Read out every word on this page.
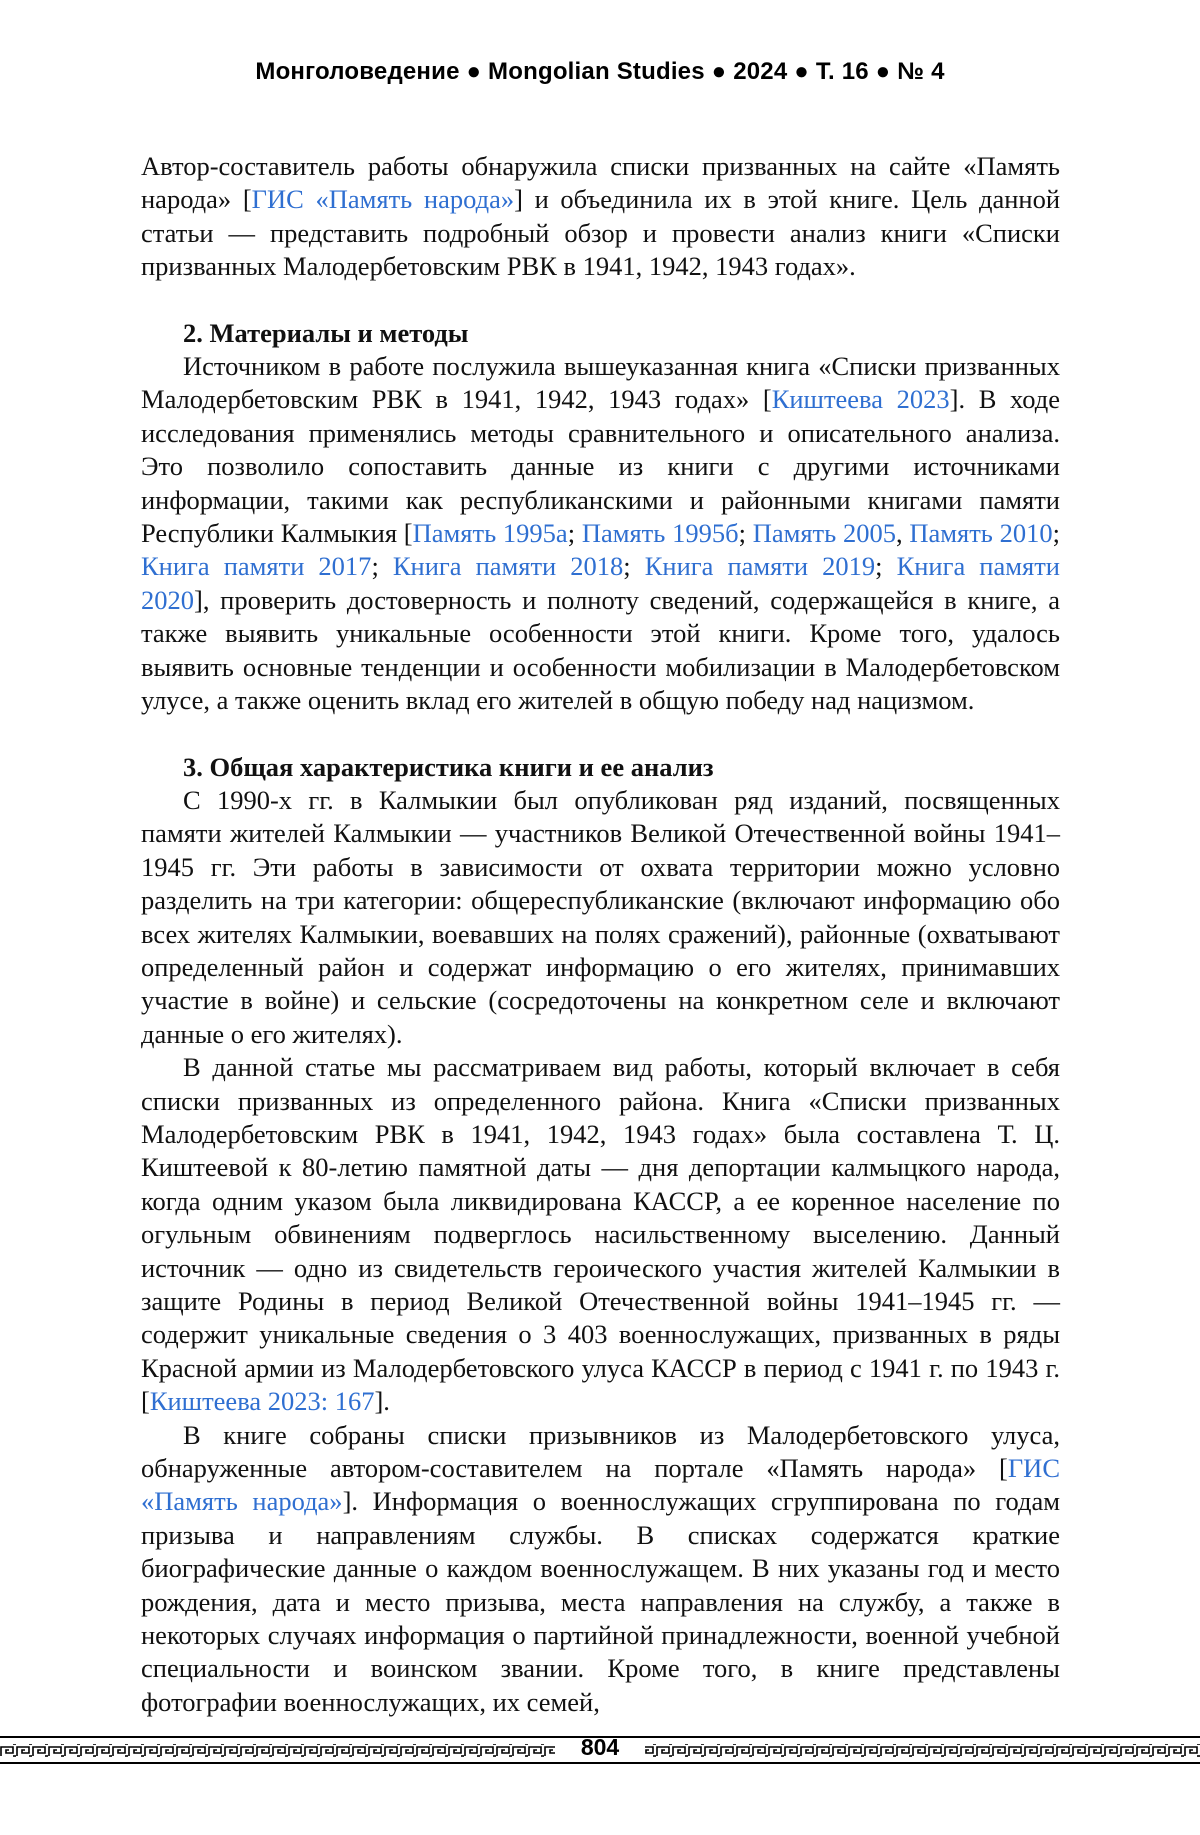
Монголоведение ● Mongolian Studies ● 2024 ● Т. 16 ● № 4

Автор-составитель работы обнаружила списки призванных на сайте «Память народа» [ГИС «Память народа»] и объединила их в этой книге. Цель данной статьи — представить подробный обзор и провести анализ книги «Списки призванных Малодербетовским РВК в 1941, 1942, 1943 годах».

2. Материалы и методы

Источником в работе послужила вышеуказанная книга «Списки призванных Малодербетовским РВК в 1941, 1942, 1943 годах» [Киштеева 2023]. В ходе исследования применялись методы сравнительного и описательного анализа. Это позволило сопоставить данные из книги с другими источниками информации, такими как республиканскими и районными книгами памяти Республики Калмыкия [Память 1995а; Память 1995б; Память 2005, Память 2010; Книга памяти 2017; Книга памяти 2018; Книга памяти 2019; Книга памяти 2020], проверить достоверность и полноту сведений, содержащейся в книге, а также выявить уникальные особенности этой книги. Кроме того, удалось выявить основные тенденции и особенности мобилизации в Малодербетовском улусе, а также оценить вклад его жителей в общую победу над нацизмом.

3. Общая характеристика книги и ее анализ

С 1990-х гг. в Калмыкии был опубликован ряд изданий, посвященных памяти жителей Калмыкии — участников Великой Отечественной войны 1941–1945 гг. Эти работы в зависимости от охвата территории можно условно разделить на три категории: общереспубликанские (включают информацию обо всех жителях Калмыкии, воевавших на полях сражений), районные (охватывают определенный район и содержат информацию о его жителях, принимавших участие в войне) и сельские (сосредоточены на конкретном селе и включают данные о его жителях).

В данной статье мы рассматриваем вид работы, который включает в себя списки призванных из определенного района. Книга «Списки призванных Малодербетовским РВК в 1941, 1942, 1943 годах» была составлена Т. Ц. Киштеевой к 80-летию памятной даты — дня депортации калмыцкого народа, когда одним указом была ликвидирована КАССР, а ее коренное население по огульным обвинениям подверглось насильственному выселению. Данный источник — одно из свидетельств героического участия жителей Калмыкии в защите Родины в период Великой Отечественной войны 1941–1945 гг. — содержит уникальные сведения о 3 403 военнослужащих, призванных в ряды Красной армии из Малодербетовского улуса КАССР в период с 1941 г. по 1943 г. [Киштеева 2023: 167].

В книге собраны списки призывников из Малодербетовского улуса, обнаруженные автором-составителем на портале «Память народа» [ГИС «Память народа»]. Информация о военнослужащих сгруппирована по годам призыва и направлениям службы. В списках содержатся краткие биографические данные о каждом военнослужащем. В них указаны год и место рождения, дата и место призыва, места направления на службу, а также в некоторых случаях информация о партийной принадлежности, военной учебной специальности и воинском звании. Кроме того, в книге представлены фотографии военнослужащих, их семей,

804
